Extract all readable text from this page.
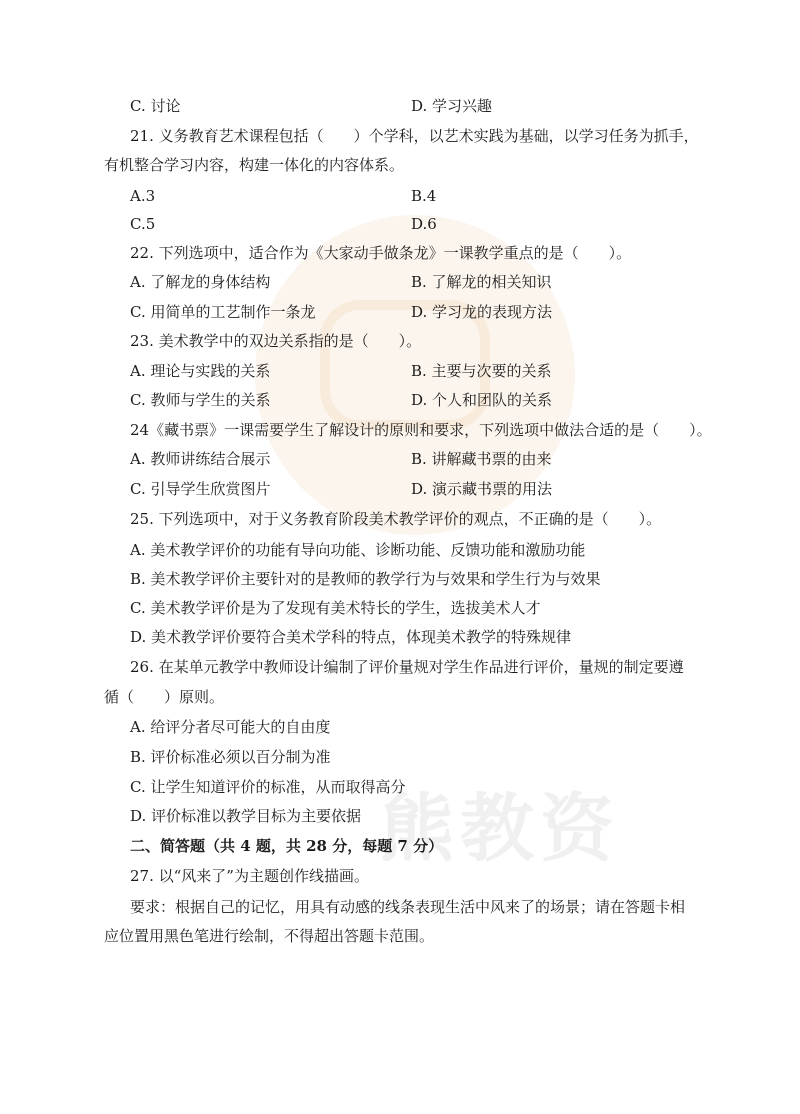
熊教资
C. 讨论	D. 学习兴趣
21. 义务教育艺术课程包括（　　）个学科，以艺术实践为基础，以学习任务为抓手，
有机整合学习内容，构建一体化的内容体系。
A.3	B.4
C.5	D.6
22. 下列选项中，适合作为《大家动手做条龙》一课教学重点的是（　　）。
A. 了解龙的身体结构	B. 了解龙的相关知识
C. 用简单的工艺制作一条龙	D. 学习龙的表现方法
23. 美术教学中的双边关系指的是（　　）。
A. 理论与实践的关系	B. 主要与次要的关系
C. 教师与学生的关系	D. 个人和团队的关系
24《藏书票》一课需要学生了解设计的原则和要求，下列选项中做法合适的是（　　）。
A. 教师讲练结合展示	B. 讲解藏书票的由来
C. 引导学生欣赏图片	D. 演示藏书票的用法
25. 下列选项中，对于义务教育阶段美术教学评价的观点，不正确的是（　　）。
A. 美术教学评价的功能有导向功能、诊断功能、反馈功能和激励功能
B. 美术教学评价主要针对的是教师的教学行为与效果和学生行为与效果
C. 美术教学评价是为了发现有美术特长的学生，选拔美术人才
D. 美术教学评价要符合美术学科的特点，体现美术教学的特殊规律
26. 在某单元教学中教师设计编制了评价量规对学生作品进行评价，量规的制定要遵
循（　　）原则。
A. 给评分者尽可能大的自由度
B. 评价标准必须以百分制为准
C. 让学生知道评价的标准，从而取得高分
D. 评价标准以教学目标为主要依据
二、简答题（共 4 题，共 28 分，每题 7 分）
27. 以“风来了”为主题创作线描画。
要求：根据自己的记忆，用具有动感的线条表现生活中风来了的场景；请在答题卡相
应位置用黑色笔进行绘制，不得超出答题卡范围。
